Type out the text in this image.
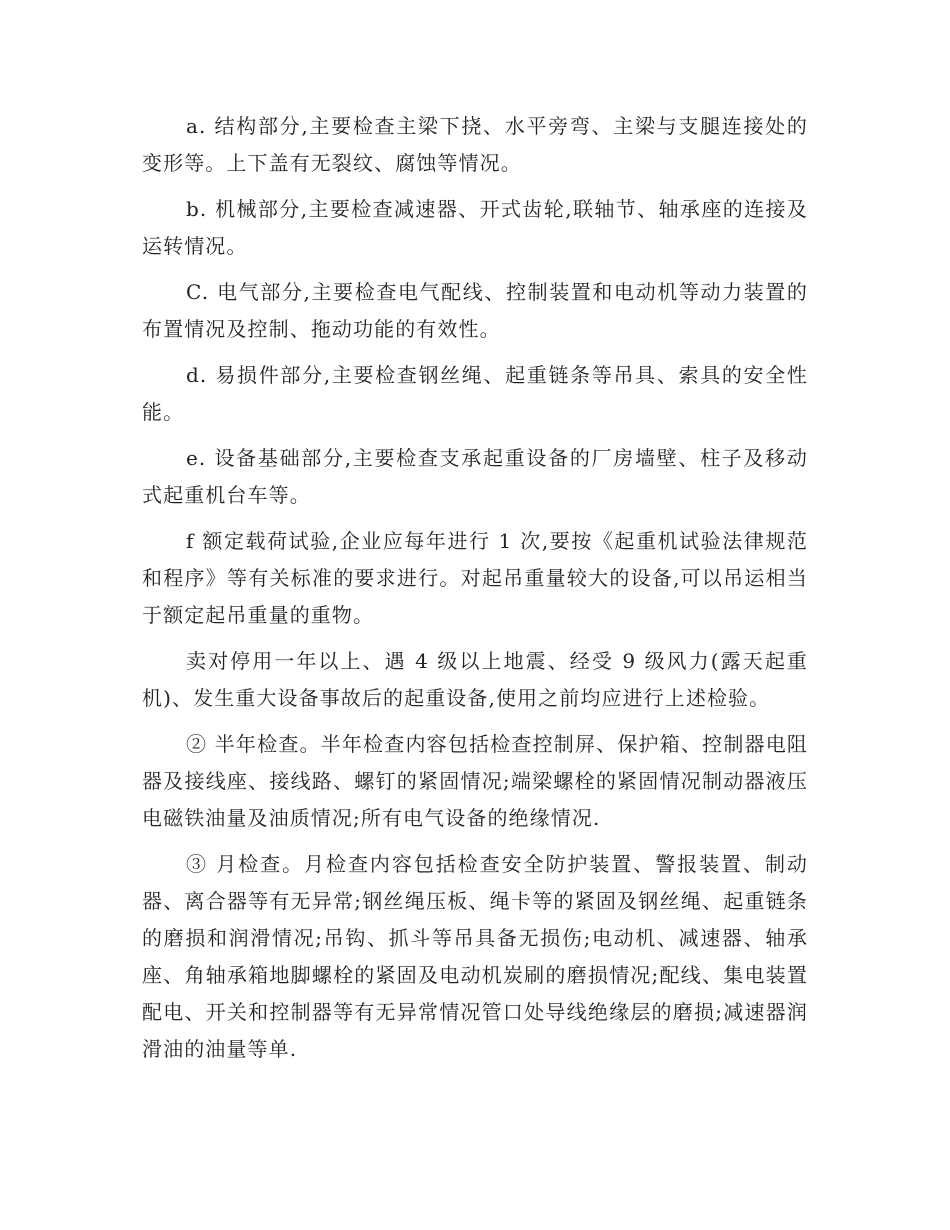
a. 结构部分,主要检查主梁下挠、水平旁弯、主梁与支腿连接处的变形等。上下盖有无裂纹、腐蚀等情况。

b. 机械部分,主要检查减速器、开式齿轮,联轴节、轴承座的连接及运转情况。

C. 电气部分,主要检查电气配线、控制装置和电动机等动力装置的布置情况及控制、拖动功能的有效性。

d. 易损件部分,主要检查钢丝绳、起重链条等吊具、索具的安全性能。

e. 设备基础部分,主要检查支承起重设备的厂房墙壁、柱子及移动式起重机台车等。

f 额定载荷试验,企业应每年进行 1 次,要按《起重机试验法律规范和程序》等有关标准的要求进行。对起吊重量较大的设备,可以吊运相当于额定起吊重量的重物。

卖对停用一年以上、遇 4 级以上地震、经受 9 级风力(露天起重机)、发生重大设备事故后的起重设备,使用之前均应进行上述检验。

② 半年检查。半年检查内容包括检查控制屏、保护箱、控制器电阻器及接线座、接线路、螺钉的紧固情况;端梁螺栓的紧固情况制动器液压电磁铁油量及油质情况;所有电气设备的绝缘情况.

③ 月检查。月检查内容包括检查安全防护装置、警报装置、制动器、离合器等有无异常;钢丝绳压板、绳卡等的紧固及钢丝绳、起重链条的磨损和润滑情况;吊钩、抓斗等吊具备无损伤;电动机、减速器、轴承座、角轴承箱地脚螺栓的紧固及电动机炭刷的磨损情况;配线、集电装置配电、开关和控制器等有无异常情况管口处导线绝缘层的磨损;减速器润滑油的油量等单.
